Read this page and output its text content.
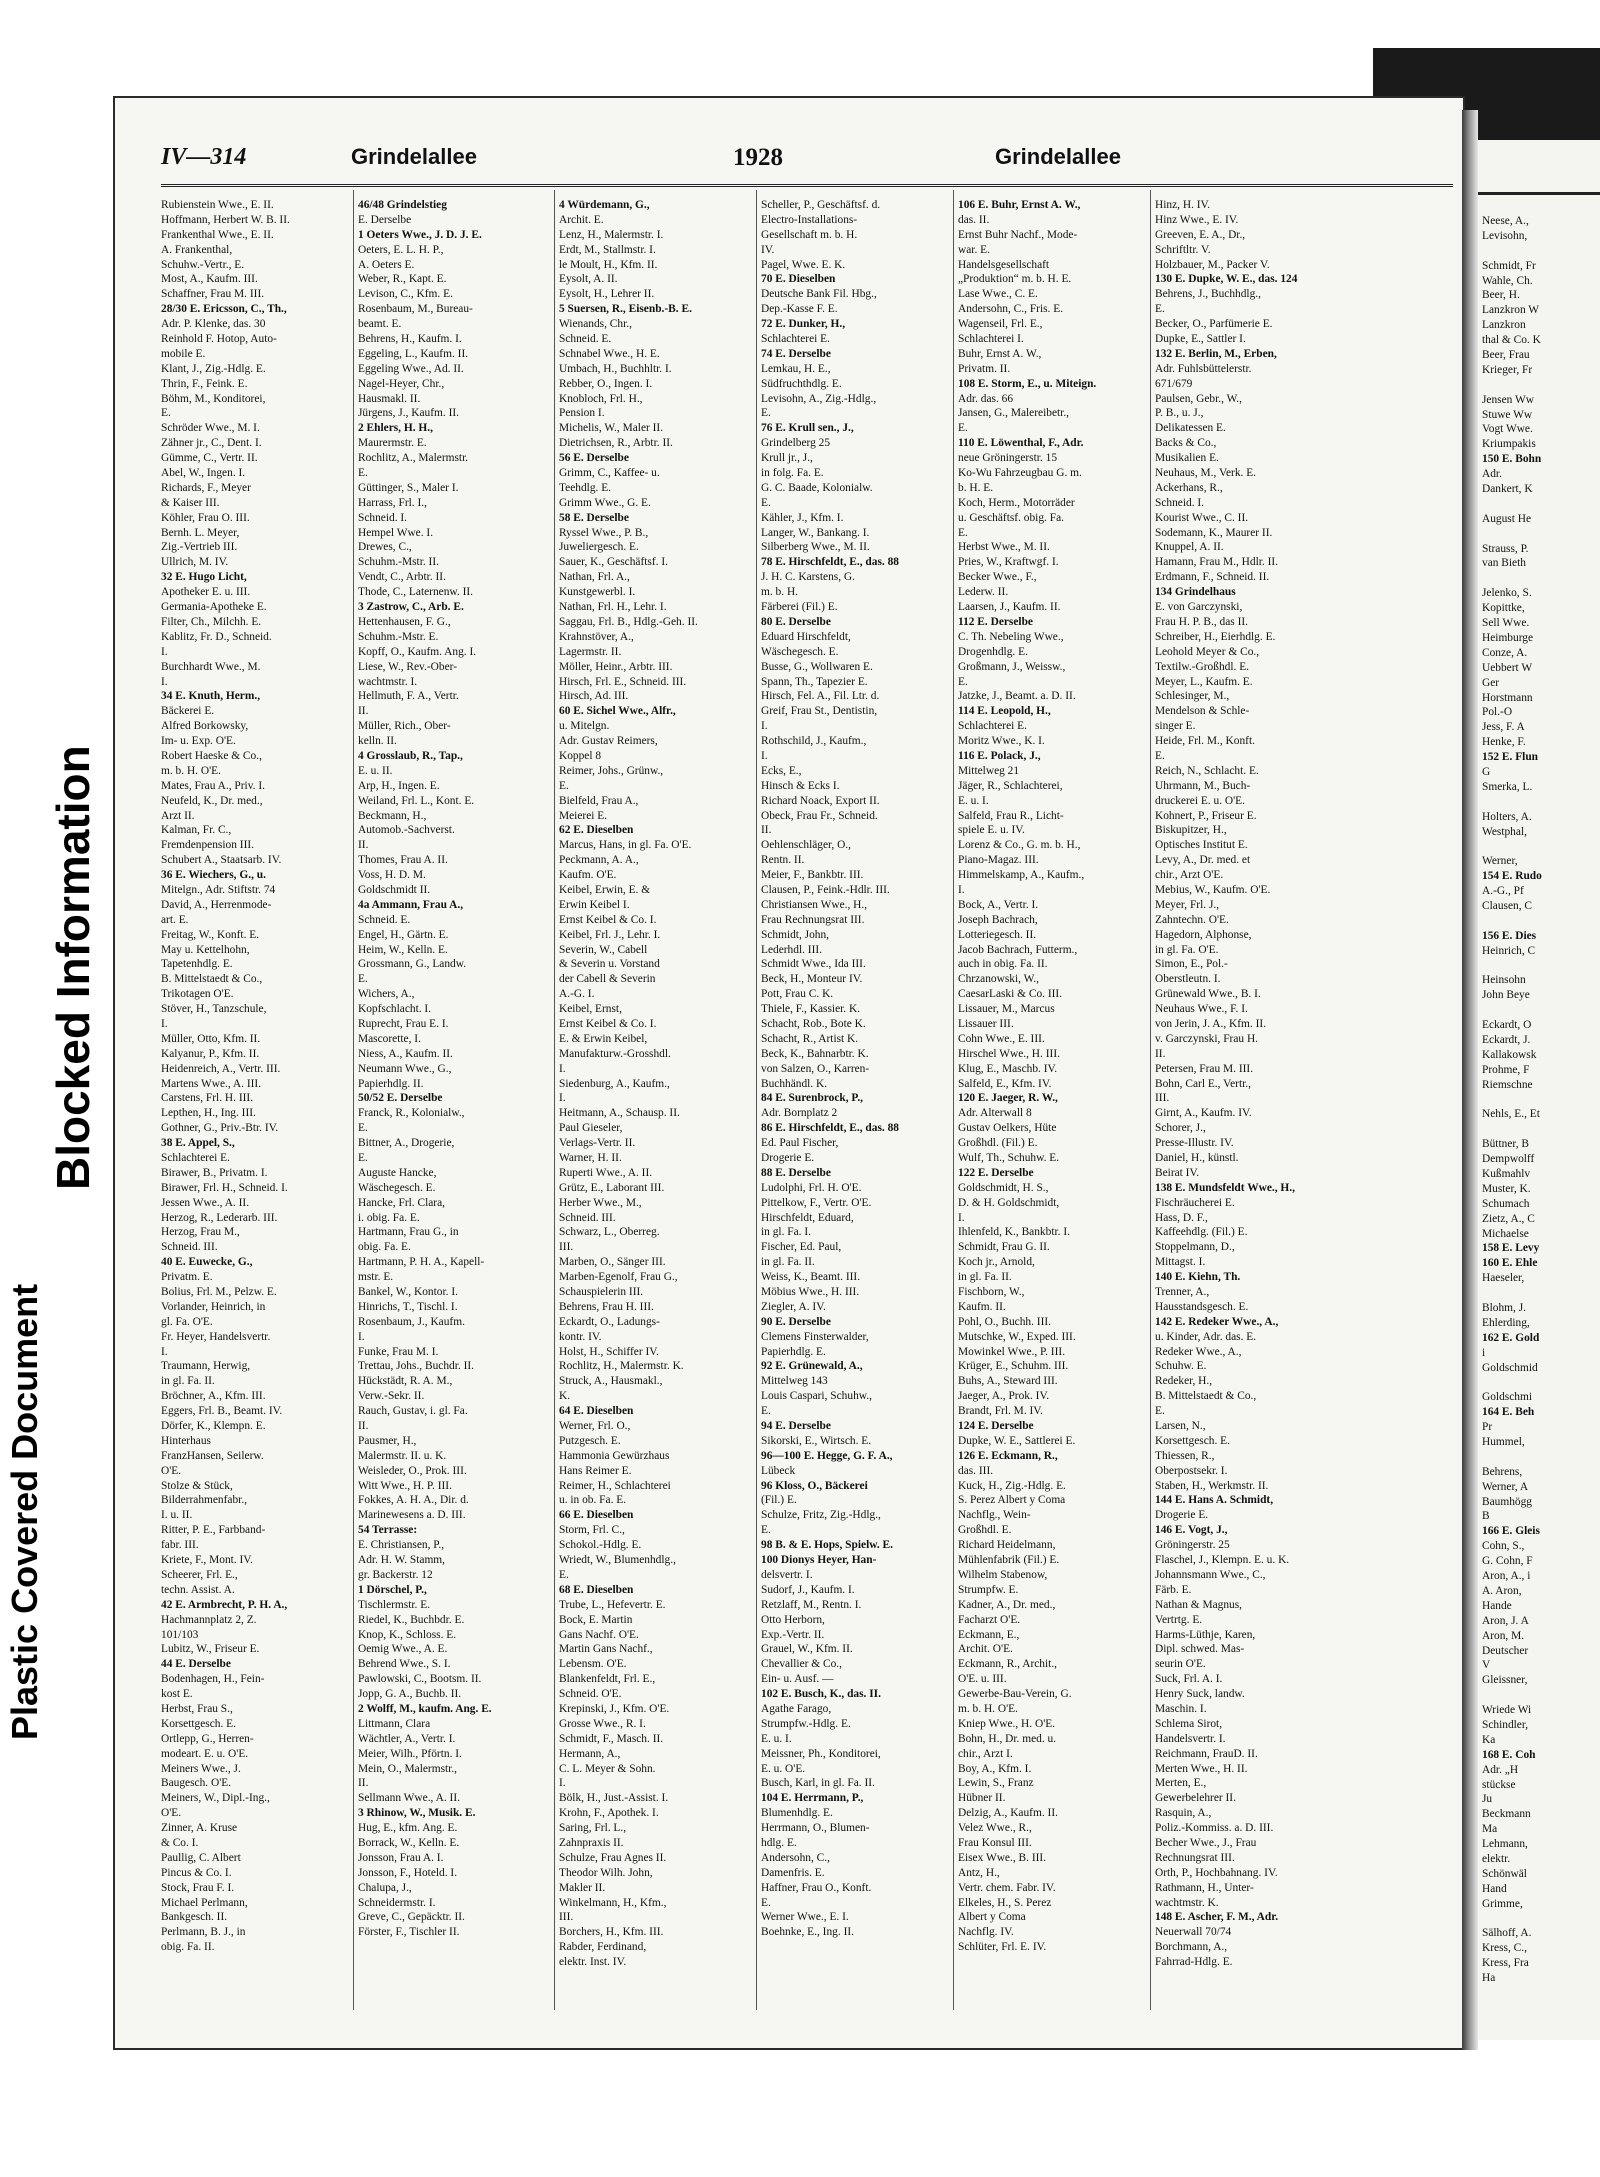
Plastic Covered Document
Blocked Information
IV—314	Grindelallee	1928	Grindelallee
Rubienstein Wwe., E. II.
Hoffmann, Herbert W. B. II.
Frankenthal Wwe., E. II.
A. Frankenthal,
Schuhw.-Vertr., E.
Most, A., Kaufm. III.
Schaffner, Frau M. III.
28/30 E. Ericsson, C., Th.,
Adr. P. Klenke, das. 30
Reinhold F. Hotop, Auto-
mobile E.
Klant, J., Zig.-Hdlg. E.
Thrin, F., Feink. E.
Böhm, M., Konditorei,
E.
Schröder Wwe., M. I.
Zähner jr., C., Dent. I.
Gümme, C., Vertr. II.
Abel, W., Ingen. I.
Richards, F., Meyer
& Kaiser III.
Köhler, Frau O. III.
Bernh. L. Meyer,
Zig.-Vertrieb III.
Ullrich, M. IV.
32 E. Hugo Licht,
Apotheker E. u. III.
Germania-Apotheke E.
Filter, Ch., Milchh. E.
Kablitz, Fr. D., Schneid.
I.
Burchhardt Wwe., M.
I.
34 E. Knuth, Herm.,
Bäckerei E.
Alfred Borkowsky,
Im- u. Exp. O'E.
Robert Haeske & Co.,
m. b. H. O'E.
Mates, Frau A., Priv. I.
Neufeld, K., Dr. med.,
Arzt II.
Kalman, Fr. C.,
Fremdenpension III.
Schubert A., Staatsarb. IV.
36 E. Wiechers, G., u.
Mitelgn., Adr. Stiftstr. 74
David, A., Herrenmode-
art. E.
Freitag, W., Konft. E.
May u. Kettelhohn,
Tapetenhdlg. E.
B. Mittelstaedt & Co.,
Trikotagen O'E.
Stöver, H., Tanzschule,
I.
Müller, Otto, Kfm. II.
Kalyanur, P., Kfm. II.
Heidenreich, A., Vertr. III.
Martens Wwe., A. III.
Carstens, Frl. H. III.
Lepthen, H., Ing. III.
Gothner, G., Priv.-Btr. IV.
38 E. Appel, S.,
Schlachterei E.
Birawer, B., Privatm. I.
Birawer, Frl. H., Schneid. I.
Jessen Wwe., A. II.
Herzog, R., Lederarb. III.
Herzog, Frau M.,
Schneid. III.
40 E. Euwecke, G.,
Privatm. E.
Bolius, Frl. M., Pelzw. E.
Vorlander, Heinrich, in
gl. Fa. O'E.
Fr. Heyer, Handelsvertr.
I.
Traumann, Herwig,
in gl. Fa. II.
Bröchner, A., Kfm. III.
Eggers, Frl. B., Beamt. IV.
Dörfer, K., Klempn. E.
Hinterhaus
FranzHansen, Seilerw.
O'E.
Stolze & Stück,
Bilderrahmenfabr.,
I. u. II.
Ritter, P. E., Farbband-
fabr. III.
Kriete, F., Mont. IV.
Scheerer, Frl. E.,
techn. Assist. A.
42 E. Armbrecht, P. H. A.,
Hachmannplatz 2, Z.
101/103
Lubitz, W., Friseur E.
44 E. Derselbe
Bodenhagen, H., Fein-
kost E.
Herbst, Frau S.,
Korsettgesch. E.
Ortlepp, G., Herren-
modeart. E. u. O'E.
Meiners Wwe., J.
Baugesch. O'E.
Meiners, W., Dipl.-Ing.,
O'E.
Zinner, A. Kruse
& Co. I.
Paullig, C. Albert
Pincus & Co. I.
Stock, Frau F. I.
Michael Perlmann,
Bankgesch. II.
Perlmann, B. J., in
obig. Fa. II.
46/48 Grindelstieg
E. Derselbe
1 Oeters Wwe., J. D. J. E.
Oeters, E. L. H. P.,
A. Oeters E.
Weber, R., Kapt. E.
Levison, C., Kfm. E.
Rosenbaum, M., Bureau-
beamt. E.
Behrens, H., Kaufm. I.
Eggeling, L., Kaufm. II.
Eggeling Wwe., Ad. II.
Nagel-Heyer, Chr.,
Hausmakl. II.
Jürgens, J., Kaufm. II.
2 Ehlers, H. H.,
Maurermstr. E.
Rochlitz, A., Malermstr.
E.
Güttinger, S., Maler I.
Harrass, Frl. I.,
Schneid. I.
Hempel Wwe. I.
Drewes, C.,
Schuhm.-Mstr. II.
Vendt, C., Arbtr. II.
Thode, C., Laternenw. II.
3 Zastrow, C., Arb. E.
Hettenhausen, F. G.,
Schuhm.-Mstr. E.
Kopff, O., Kaufm. Ang. I.
Liese, W., Rev.-Ober-
wachtmstr. I.
Hellmuth, F. A., Vertr.
II.
Müller, Rich., Ober-
kelln. II.
4 Grosslaub, R., Tap.,
E. u. II.
Arp, H., Ingen. E.
Weiland, Frl. L., Kont. E.
Beckmann, H.,
Automob.-Sachverst.
II.
Thomes, Frau A. II.
Voss, H. D. M.
Goldschmidt II.
4a Ammann, Frau A.,
Schneid. E.
Engel, H., Gärtn. E.
Heim, W., Kelln. E.
Grossmann, G., Landw.
E.
Wichers, A.,
Kopfschlacht. I.
Ruprecht, Frau E. I.
Mascorette, I.
Niess, A., Kaufm. II.
Neumann Wwe., G.,
Papierhdlg. II.
50/52 E. Derselbe
Franck, R., Kolonialw.,
E.
Bittner, A., Drogerie,
E.
Auguste Hancke,
Wäschegesch. E.
Hancke, Frl. Clara,
i. obig. Fa. E.
Hartmann, Frau G., in
obig. Fa. E.
Hartmann, P. H. A., Kapell-
mstr. E.
Bankel, W., Kontor. I.
Hinrichs, T., Tischl. I.
Rosenbaum, J., Kaufm.
I.
Funke, Frau M. I.
Trettau, Johs., Buchdr. II.
Hückstädt, R. A. M.,
Verw.-Sekr. II.
Rauch, Gustav, i. gl. Fa.
II.
Pausmer, H.,
Malermstr. II. u. K.
Weisleder, O., Prok. III.
Witt Wwe., H. P. III.
Fokkes, A. H. A., Dir. d.
Marinewesens a. D. III.
54 Terrasse:
E. Christiansen, P.,
Adr. H. W. Stamm,
gr. Backerstr. 12
1 Dörschel, P.,
Tischlermstr. E.
Riedel, K., Buchbdr. E.
Knop, K., Schloss. E.
Oemig Wwe., A. E.
Behrend Wwe., S. I.
Pawlowski, C., Bootsm. II.
Jopp, G. A., Buchb. II.
2 Wolff, M., kaufm. Ang. E.
Littmann, Clara
Wächtler, A., Vertr. I.
Meier, Wilh., Pförtn. I.
Mein, O., Malermstr.,
II.
Sellmann Wwe., A. II.
3 Rhinow, W., Musik. E.
Hug, E., kfm. Ang. E.
Borrack, W., Kelln. E.
Jonsson, Frau A. I.
Jonsson, F., Hoteld. I.
Chalupa, J.,
Schneidermstr. I.
Greve, C., Gepäcktr. II.
Förster, F., Tischler II.
4 Würdemann, G.,
Archit. E.
Lenz, H., Malermstr. I.
Erdt, M., Stallmstr. I.
le Moult, H., Kfm. II.
Eysolt, A. II.
Eysolt, H., Lehrer II.
5 Suersen, R., Eisenb.-B. E.
Wienands, Chr.,
Schneid. E.
Schnabel Wwe., H. E.
Umbach, H., Buchhltr. I.
Rebber, O., Ingen. I.
Knobloch, Frl. H.,
Pension I.
Michelis, W., Maler II.
Dietrichsen, R., Arbtr. II.
56 E. Derselbe
Grimm, C., Kaffee- u.
Teehdlg. E.
Grimm Wwe., G. E.
58 E. Derselbe
Ryssel Wwe., P. B.,
Juweliergesch. E.
Sauer, K., Geschäftsf. I.
Nathan, Frl. A.,
Kunstgewerbl. I.
Nathan, Frl. H., Lehr. I.
Saggau, Frl. B., Hdlg.-Geh. II.
Krahnstöver, A.,
Lagermstr. II.
Möller, Heinr., Arbtr. III.
Hirsch, Frl. E., Schneid. III.
Hirsch, Ad. III.
60 E. Sichel Wwe., Alfr.,
u. Mitelgn.
Adr. Gustav Reimers,
Koppel 8
Reimer, Johs., Grünw.,
E.
Bielfeld, Frau A.,
Meierei E.
62 E. Dieselben
Marcus, Hans, in gl. Fa. O'E.
Peckmann, A. A.,
Kaufm. O'E.
Keibel, Erwin, E. &
Erwin Keibel I.
Ernst Keibel & Co. I.
Keibel, Frl. J., Lehr. I.
Severin, W., Cabell
& Severin u. Vorstand
der Cabell & Severin
A.-G. I.
Keibel, Ernst,
Ernst Keibel & Co. I.
E. & Erwin Keibel,
Manufakturw.-Grosshdl.
I.
Siedenburg, A., Kaufm.,
I.
Heitmann, A., Schausp. II.
Paul Gieseler,
Verlags-Vertr. II.
Warner, H. II.
Ruperti Wwe., A. II.
Grütz, E., Laborant III.
Herber Wwe., M.,
Schneid. III.
Schwarz, L., Oberreg.
III.
Marben, O., Sänger III.
Marben-Egenolf, Frau G.,
Schauspielerin III.
Behrens, Frau H. III.
Eckardt, O., Ladungs-
kontr. IV.
Holst, H., Schiffer IV.
Rochlitz, H., Malermstr. K.
Struck, A., Hausmakl.,
K.
64 E. Dieselben
Werner, Frl. O.,
Putzgesch. E.
Hammonia Gewürzhaus
Hans Reimer E.
Reimer, H., Schlachterei
u. in ob. Fa. E.
66 E. Dieselben
Storm, Frl. C.,
Schokol.-Hdlg. E.
Wriedt, W., Blumenhdlg.,
E.
68 E. Dieselben
Trube, L., Hefevertr. E.
Bock, E. Martin
Gans Nachf. O'E.
Martin Gans Nachf.,
Lebensm. O'E.
Blankenfeldt, Frl. E.,
Schneid. O'E.
Krepinski, J., Kfm. O'E.
Grosse Wwe., R. I.
Schmidt, F., Masch. II.
Hermann, A.,
C. L. Meyer & Sohn.
I.
Bölk, H., Just.-Assist. I.
Krohn, F., Apothek. I.
Saring, Frl. L.,
Zahnpraxis II.
Schulze, Frau Agnes II.
Theodor Wilh. John,
Makler II.
Winkelmann, H., Kfm.,
III.
Borchers, H., Kfm. III.
Rabder, Ferdinand,
elektr. Inst. IV.
Scheller, P., Geschäftsf. d.
Electro-Installations-
Gesellschaft m. b. H.
IV.
Pagel, Wwe. E. K.
70 E. Dieselben
Deutsche Bank Fil. Hbg.,
Dep.-Kasse F. E.
72 E. Dunker, H.,
Schlachterei E.
74 E. Derselbe
Lemkau, H. E.,
Südfruchthdlg. E.
Levisohn, A., Zig.-Hdlg.,
E.
76 E. Krull sen., J.,
Grindelberg 25
Krull jr., J.,
in folg. Fa. E.
G. C. Baade, Kolonialw.
E.
Kähler, J., Kfm. I.
Langer, W., Bankang. I.
Silberberg Wwe., M. II.
78 E. Hirschfeldt, E., das. 88
J. H. C. Karstens, G.
m. b. H.
Färberei (Fil.) E.
80 E. Derselbe
Eduard Hirschfeldt,
Wäschegesch. E.
Busse, G., Wollwaren E.
Spann, Th., Tapezier E.
Hirsch, Fel. A., Fil. Ltr. d.
Greif, Frau St., Dentistin,
I.
Rothschild, J., Kaufm.,
I.
Ecks, E.,
Hinsch & Ecks I.
Richard Noack, Export II.
Obeck, Frau Fr., Schneid.
II.
Oehlenschläger, O.,
Rentn. II.
Meier, F., Bankbtr. III.
Clausen, P., Feink.-Hdlr. III.
Christiansen Wwe., H.,
Frau Rechnungsrat III.
Schmidt, John,
Lederhdl. III.
Schmidt Wwe., Ida III.
Beck, H., Monteur IV.
Pott, Frau C. K.
Thiele, F., Kassier. K.
Schacht, Rob., Bote K.
Schacht, R., Artist K.
Beck, K., Bahnarbtr. K.
von Salzen, O., Karren-
Buchhändl. K.
84 E. Surenbrock, P.,
Adr. Bornplatz 2
86 E. Hirschfeldt, E., das. 88
Ed. Paul Fischer,
Drogerie E.
88 E. Derselbe
Ludolphi, Frl. H. O'E.
Pittelkow, F., Vertr. O'E.
Hirschfeldt, Eduard,
in gl. Fa. I.
Fischer, Ed. Paul,
in gl. Fa. II.
Weiss, K., Beamt. III.
Möbius Wwe., H. III.
Ziegler, A. IV.
90 E. Derselbe
Clemens Finsterwalder,
Papierhdlg. E.
92 E. Grünewald, A.,
Mittelweg 143
Louis Caspari, Schuhw.,
E.
94 E. Derselbe
Sikorski, E., Wirtsch. E.
96—100 E. Hegge, G. F. A.,
Lübeck
96 Kloss, O., Bäckerei
(Fil.) E.
Schulze, Fritz, Zig.-Hdlg.,
E.
98 B. & E. Hops, Spielw. E.
100 Dionys Heyer, Han-
delsvertr. I.
Sudorf, J., Kaufm. I.
Retzlaff, M., Rentn. I.
Otto Herborn,
Exp.-Vertr. II.
Grauel, W., Kfm. II.
Chevallier & Co.,
Ein- u. Ausf. —
102 E. Busch, K., das. II.
Agathe Farago,
Strumpfw.-Hdlg. E.
E. u. I.
Meissner, Ph., Konditorei,
E. u. O'E.
Busch, Karl, in gl. Fa. II.
104 E. Herrmann, P.,
Blumenhdlg. E.
Herrmann, O., Blumen-
hdlg. E.
Andersohn, C.,
Damenfris. E.
Haffner, Frau O., Konft.
E.
Werner Wwe., E. I.
Boehnke, E., Ing. II.
106 E. Buhr, Ernst A. W.,
das. II.
Ernst Buhr Nachf., Mode-
war. E.
Handelsgesellschaft
„Produktion“ m. b. H. E.
Lase Wwe., C. E.
Andersohn, C., Fris. E.
Wagenseil, Frl. E.,
Schlachterei I.
Buhr, Ernst A. W.,
Privatm. II.
108 E. Storm, E., u. Miteign.
Adr. das. 66
Jansen, G., Malereibetr.,
E.
110 E. Löwenthal, F., Adr.
neue Gröningerstr. 15
Ko-Wu Fahrzeugbau G. m.
b. H. E.
Koch, Herm., Motorräder
u. Geschäftsf. obig. Fa.
E.
Herbst Wwe., M. II.
Pries, W., Kraftwgf. I.
Becker Wwe., F.,
Lederw. II.
Laarsen, J., Kaufm. II.
112 E. Derselbe
C. Th. Nebeling Wwe.,
Drogenhdlg. E.
Großmann, J., Weissw.,
E.
Jatzke, J., Beamt. a. D. II.
114 E. Leopold, H.,
Schlachterei E.
Moritz Wwe., K. I.
116 E. Polack, J.,
Mittelweg 21
Jäger, R., Schlachterei,
E. u. I.
Salfeld, Frau R., Licht-
spiele E. u. IV.
Lorenz & Co., G. m. b. H.,
Piano-Magaz. III.
Himmelskamp, A., Kaufm.,
I.
Bock, A., Vertr. I.
Joseph Bachrach,
Lotteriegesch. II.
Jacob Bachrach, Futterm.,
auch in obig. Fa. II.
Chrzanowski, W.,
CaesarLaski & Co. III.
Lissauer, M., Marcus
Lissauer III.
Cohn Wwe., E. III.
Hirschel Wwe., H. III.
Klug, E., Maschb. IV.
Salfeld, E., Kfm. IV.
120 E. Jaeger, R. W.,
Adr. Alterwall 8
Gustav Oelkers, Hüte
Großhdl. (Fil.) E.
Wulf, Th., Schuhw. E.
122 E. Derselbe
Goldschmidt, H. S.,
D. & H. Goldschmidt,
I.
Ihlenfeld, K., Bankbtr. I.
Schmidt, Frau G. II.
Koch jr., Arnold,
in gl. Fa. II.
Fischborn, W.,
Kaufm. II.
Pohl, O., Buchh. III.
Mutschke, W., Exped. III.
Mowinkel Wwe., P. III.
Krüger, E., Schuhm. III.
Buhs, A., Steward III.
Jaeger, A., Prok. IV.
Brandt, Frl. M. IV.
124 E. Derselbe
Dupke, W. E., Sattlerei E.
126 E. Eckmann, R.,
das. III.
Kuck, H., Zig.-Hdlg. E.
S. Perez Albert y Coma
Nachflg., Wein-
Großhdl. E.
Richard Heidelmann,
Mühlenfabrik (Fil.) E.
Wilhelm Stabenow,
Strumpfw. E.
Kadner, A., Dr. med.,
Facharzt O'E.
Eckmann, E.,
Archit. O'E.
Eckmann, R., Archit.,
O'E. u. III.
Gewerbe-Bau-Verein, G.
m. b. H. O'E.
Kniep Wwe., H. O'E.
Bohn, H., Dr. med. u.
chir., Arzt I.
Boy, A., Kfm. I.
Lewin, S., Franz
Hübner II.
Delzig, A., Kaufm. II.
Velez Wwe., R.,
Frau Konsul III.
Eisex Wwe., B. III.
Antz, H.,
Vertr. chem. Fabr. IV.
Elkeles, H., S. Perez
Albert y Coma
Nachflg. IV.
Schlüter, Frl. E. IV.
Hinz, H. IV.
Hinz Wwe., E. IV.
Greeven, E. A., Dr.,
Schriftltr. V.
Holzbauer, M., Packer V.
130 E. Dupke, W. E., das. 124
Behrens, J., Buchhdlg.,
E.
Becker, O., Parfümerie E.
Dupke, E., Sattler I.
132 E. Berlin, M., Erben,
Adr. Fuhlsbüttelerstr.
671/679
Paulsen, Gebr., W.,
P. B., u. J.,
Delikatessen E.
Backs & Co.,
Musikalien E.
Neuhaus, M., Verk. E.
Ackerhans, R.,
Schneid. I.
Kourist Wwe., C. II.
Sodemann, K., Maurer II.
Knuppel, A. II.
Hamann, Frau M., Hdlr. II.
Erdmann, F., Schneid. II.
134 Grindelhaus
E. von Garczynski,
Frau H. P. B., das II.
Schreiber, H., Eierhdlg. E.
Leohold Meyer & Co.,
Textilw.-Großhdl. E.
Meyer, L., Kaufm. E.
Schlesinger, M.,
Mendelson & Schle-
singer E.
Heide, Frl. M., Konft.
E.
Reich, N., Schlacht. E.
Uhrmann, M., Buch-
druckerei E. u. O'E.
Kohnert, P., Friseur E.
Biskupitzer, H.,
Optisches Institut E.
Levy, A., Dr. med. et
chir., Arzt O'E.
Mebius, W., Kaufm. O'E.
Meyer, Frl. J.,
Zahntechn. O'E.
Hagedorn, Alphonse,
in gl. Fa. O'E.
Simon, E., Pol.-
Oberstleutn. I.
Grünewald Wwe., B. I.
Neuhaus Wwe., F. I.
von Jerin, J. A., Kfm. II.
v. Garczynski, Frau H.
II.
Petersen, Frau M. III.
Bohn, Carl E., Vertr.,
III.
Girnt, A., Kaufm. IV.
Schorer, J.,
Presse-Illustr. IV.
Daniel, H., künstl.
Beirat IV.
138 E. Mundsfeldt Wwe., H.,
Fischräucherei E.
Hass, D. F.,
Kaffeehdlg. (Fil.) E.
Stoppelmann, D.,
Mittagst. I.
140 E. Kiehn, Th.
Trenner, A.,
Hausstandsgesch. E.
142 E. Redeker Wwe., A.,
u. Kinder, Adr. das. E.
Redeker Wwe., A.,
Schuhw. E.
Redeker, H.,
B. Mittelstaedt & Co.,
E.
Larsen, N.,
Korsettgesch. E.
Thiessen, R.,
Oberpostsekr. I.
Staben, H., Werkmstr. II.
144 E. Hans A. Schmidt,
Drogerie E.
146 E. Vogt, J.,
Gröningerstr. 25
Flaschel, J., Klempn. E. u. K.
Johannsmann Wwe., C.,
Färb. E.
Nathan & Magnus,
Vertrtg. E.
Harms-Lüthje, Karen,
Dipl. schwed. Mas-
seurin O'E.
Suck, Frl. A. I.
Henry Suck, landw.
Maschin. I.
Schlema Sirot,
Handelsvertr. I.
Reichmann, FrauD. II.
Merten Wwe., H. II.
Merten, E.,
Gewerbelehrer II.
Rasquin, A.,
Poliz.-Kommiss. a. D. III.
Becher Wwe., J., Frau
Rechnungsrat III.
Orth, P., Hochbahnang. IV.
Rathmann, H., Unter-
wachtmstr. K.
148 E. Ascher, F. M., Adr.
Neuerwall 70/74
Borchmann, A.,
Fahrrad-Hdlg. E.
Neese, A.,
Levisohn,
Schmidt, Fr
Wahle, Ch.
Beer, H.
Lanzkron W
Lanzkron
thal & Co. K
Beer, Frau
Krieger, Fr
Jensen Ww
Stuwe Ww
Vogt Wwe.
Kriumpakis
150 E. Bohn
Adr.
Dankert, K
August He
Strauss, P.
van Bieth
Jelenko, S.
Kopittke,
Sell Wwe.
Heimburge
Conze, A.
Uebbert W
Ger
Horstmann
Pol.-O
Jess, F. A
Henke, F.
152 E. Flun
G
Smerka, L.
Holters, A.
Westphal,
Werner,
154 E. Rudo
A.-G., Pf
Clausen, C
156 E. Dies
Heinrich, C
Heinsohn
John Beye
Eckardt, O
Eckardt, J.
Kallakowsk
Prohme, F
Riemschne
Nehls, E., Et
Büttner, B
Dempwolff
Kußmahlv
Muster, K.
Schumach
Zietz, A., C
Michaelse
158 E. Levy
160 E. Ehle
Haeseler,
Blohm, J.
Ehlerding,
162 E. Gold
i
Goldschmid
Goldschmi
164 E. Beh
Pr
Hummel,
Behrens,
Werner, A
Baumhögg
B
166 E. Gleis
Cohn, S.,
G. Cohn, F
Aron, A., i
A. Aron,
Hande
Aron, J. A
Aron, M.
Deutscher
V
Gleissner,
Wriede Wi
Schindler,
Ka
168 E. Coh
Adr. „H
stückse
Ju
Beckmann
Ma
Lehmann,
elektr.
Schönwäl
Hand
Grimme,
Sälhoff, A.
Kress, C.,
Kress, Fra
Ha
